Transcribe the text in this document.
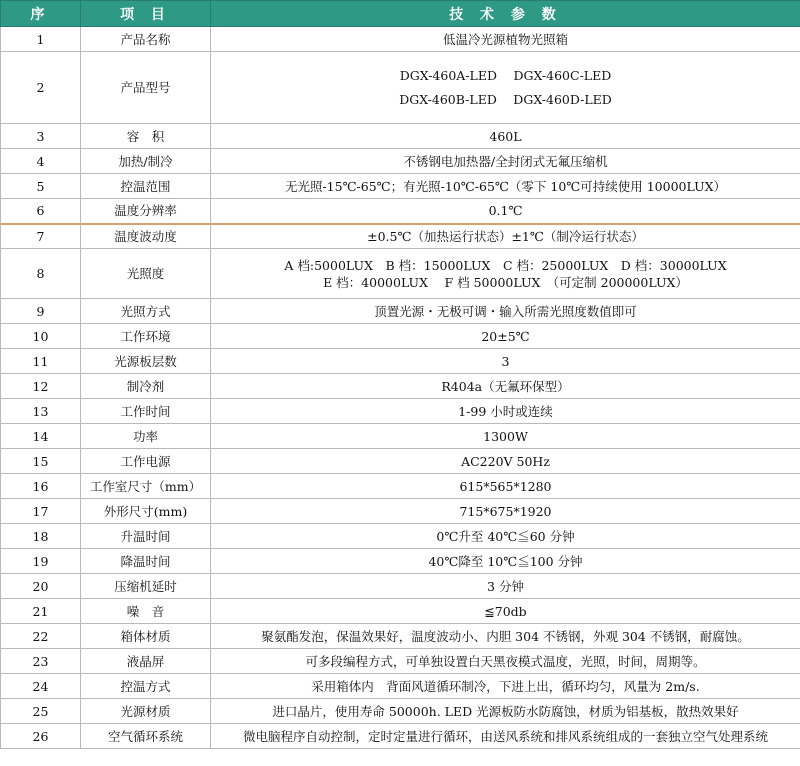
序	项 目	技 术 参 数
1	产品名称	低温冷光源植物光照箱
2	产品型号	DGX-460A-LED　 DGX-460C-LED
DGX-460B-LED　 DGX-460D-LED

3	容　积	460L
4	加热/制冷	不锈钢电加热器/全封闭式无氟压缩机
5	控温范围	无光照-15℃-65℃；有光照-10℃-65℃（零下 10℃可持续使用 10000LUX）
6	温度分辨率	0.1℃
7	温度波动度	±0.5℃（加热运行状态）±1℃（制冷运行状态）
8	光照度	A 档:5000LUX　B 档：15000LUX　C 档：25000LUX　D 档：30000LUX
E 档：40000LUX　 F 档 50000LUX　（可定制 200000LUX）

9	光照方式	顶置光源・无极可调・输入所需光照度数值即可
10	工作环境	20±5℃
11	光源板层数	3
12	制冷剂	R404a（无氟环保型）
13	工作时间	1-99 小时或连续
14	功率	1300W
15	工作电源	AC220V 50Hz
16	工作室尺寸（mm）	615*565*1280
17	外形尺寸(mm)	715*675*1920
18	升温时间	0℃升至 40℃≦60 分钟
19	降温时间	40℃降至 10℃≦100 分钟
20	压缩机延时	3 分钟
21	噪　音	≦70db
22	箱体材质	聚氨酯发泡，保温效果好，温度波动小、内胆 304 不锈钢，外观 304 不锈钢，耐腐蚀。
23	液晶屏	可多段编程方式，可单独设置白天黑夜模式温度，光照，时间，周期等。
24	控温方式	采用箱体内　背面风道循环制冷，下进上出，循环均匀，风量为 2m/s.
25	光源材质	进口晶片，使用寿命 50000h. LED 光源板防水防腐蚀，材质为铝基板，散热效果好
26	空气循环系统	微电脑程序自动控制，定时定量进行循环，由送风系统和排风系统组成的一套独立空气处理系统
